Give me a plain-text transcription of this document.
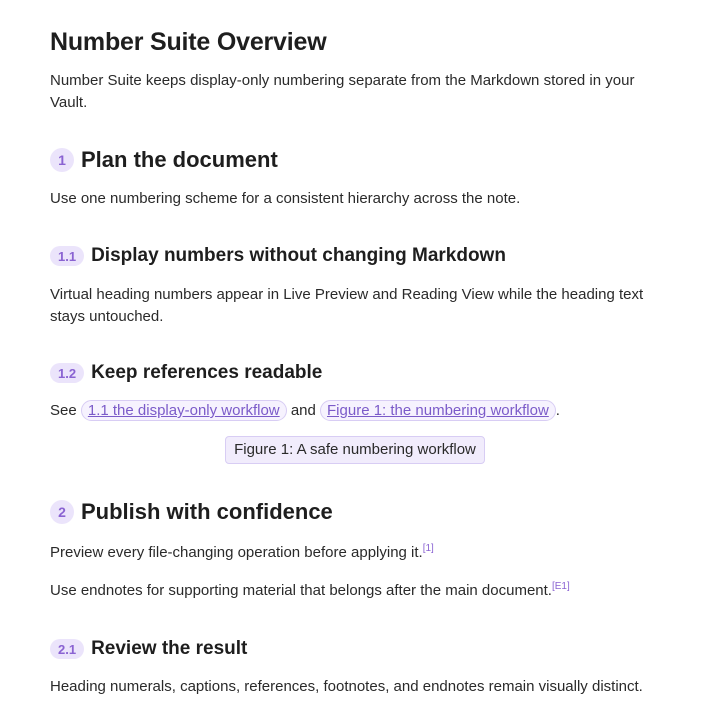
Number Suite Overview

Number Suite keeps display-only numbering separate from the Markdown stored in your Vault.

1 Plan the document

Use one numbering scheme for a consistent hierarchy across the note.

1.1 Display numbers without changing Markdown

Virtual heading numbers appear in Live Preview and Reading View while the heading text stays untouched.

1.2 Keep references readable

See 1.1 the display-only workflow and Figure 1: the numbering workflow .

Figure 1: A safe numbering workflow
2 Publish with confidence

Preview every file-changing operation before applying it.[1]

Use endnotes for supporting material that belongs after the main document.[E1]

2.1 Review the result

Heading numerals, captions, references, footnotes, and endnotes remain visually distinct.
